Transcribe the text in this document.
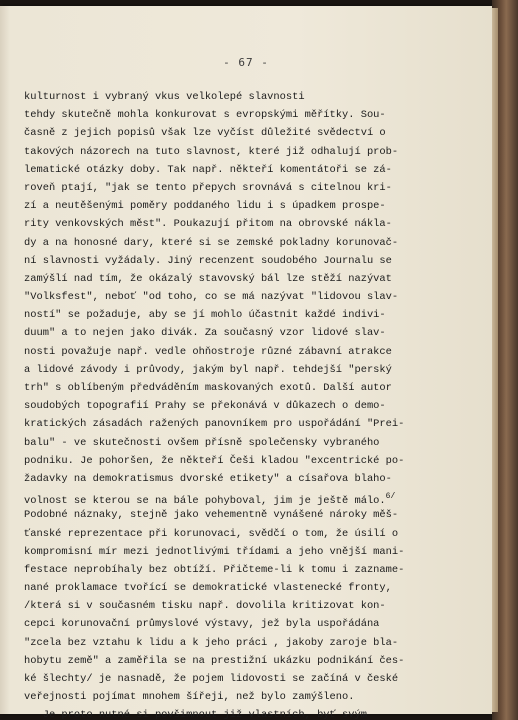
- 67 -
kulturnost i vybraný vkus velkolepé slavnosti
tehdy skutečně mohla konkurovat s evropskými měřítky. Sou-
časně z jejich popisů však lze vyčíst důležité svědectví o
takových názorech na tuto slavnost, které již odhalují prob-
lematické otázky doby. Tak např. někteří komentátoři se zá-
roveň ptají, "jak se tento přepych srovnává s citelnou kri-
zí a neutěšenými poměry poddaného lidu i s úpadkem prospe-
rity venkovských měst". Poukazují přitom na obrovské nákla-
dy a na honosné dary, které si se zemské pokladny korunovač-
ní slavnosti vyžádaly. Jiný recenzent soudobého Journalu se
zamýšlí nad tím, že okázalý stavovský bál lze stěží nazývat
"Volksfest", neboť "od toho, co se má nazývat "lidovou slav-
ností" se požaduje, aby se jí mohlo účastnit každé indivi-
duum" a to nejen jako divák. Za současný vzor lidové slav-
nosti považuje např. vedle ohňostroje různé zábavní atrakce
a lidové závody i průvody, jakým byl např. tehdejší "perský
trh" s oblíbeným předváděním maskovaných exotů. Další autor
soudobých topografií Prahy se překonává v důkazech o demo-
kratických zásadách ražených panovníkem pro uspořádání "Prei-
balu" - ve skutečnosti ovšem přísně společensky vybraného
podniku. Je pohoršen, že někteří Češi kladou "excentrické po-
žadavky na demokratismus dvorské etikety" a císařova blaho-
volnost se kterou se na bále pohyboval, jim je ještě málo.$^{6/}$
Podobné náznaky, stejně jako vehementně vynášené nároky měš-
ťanské reprezentace při korunovaci, svědčí o tom, že úsilí o
kompromisní mír mezi jednotlivými třídami a jeho vnější mani-
festace neprobíhaly bez obtíží. Přičteme-li k tomu i zazname-
nané proklamace tvořící se demokratické vlastenecké fronty,
/která si v současném tisku např. dovolila kritizovat kon-
cepci korunovační průmyslové výstavy, jež byla uspořádána
"zcela bez vztahu k lidu a k jeho práci , jakoby zaroje bla-
hobytu země" a zaměřila se na prestižní ukázku podnikání čes-
ké šlechty/ je nasnadě, že pojem lidovosti se začíná v české
veřejnosti pojímat mnohem šířeji, než bylo zamýšleno.
Je proto nutné si povšimnout již vlastních, byť svým
